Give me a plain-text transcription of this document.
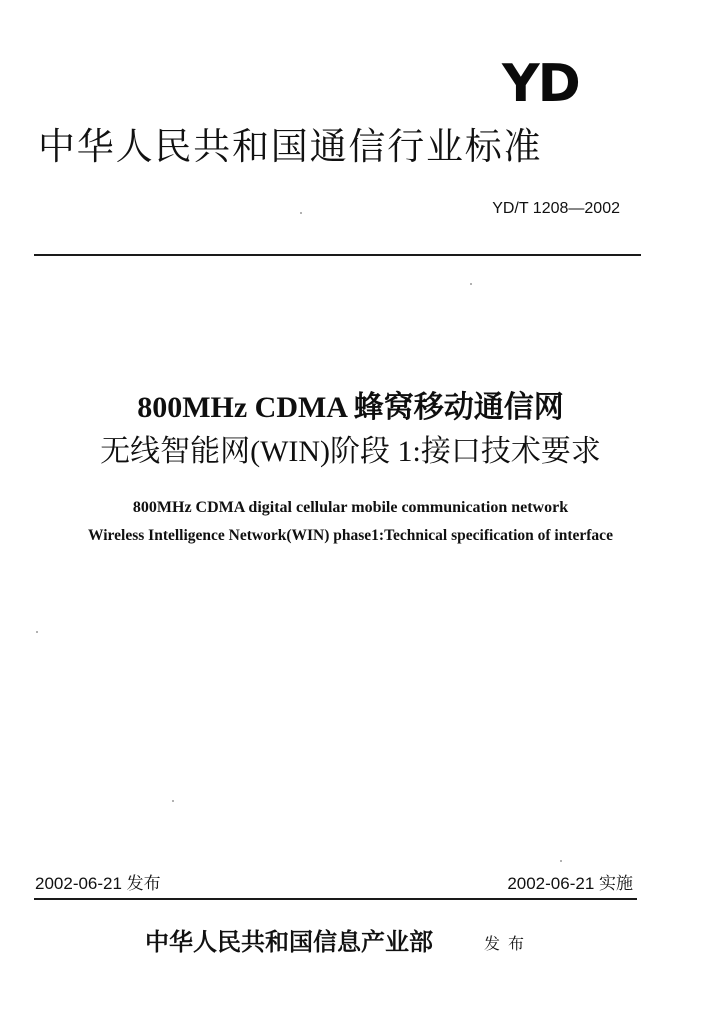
YD
中华人民共和国通信行业标准
YD/T 1208—2002
800MHz CDMA 蜂窝移动通信网
无线智能网(WIN)阶段 1:接口技术要求
800MHz CDMA digital cellular mobile communication network
Wireless Intelligence Network(WIN) phase1:Technical specification of interface
2002-06-21 发布	2002-06-21 实施
中华人民共和国信息产业部	发布
